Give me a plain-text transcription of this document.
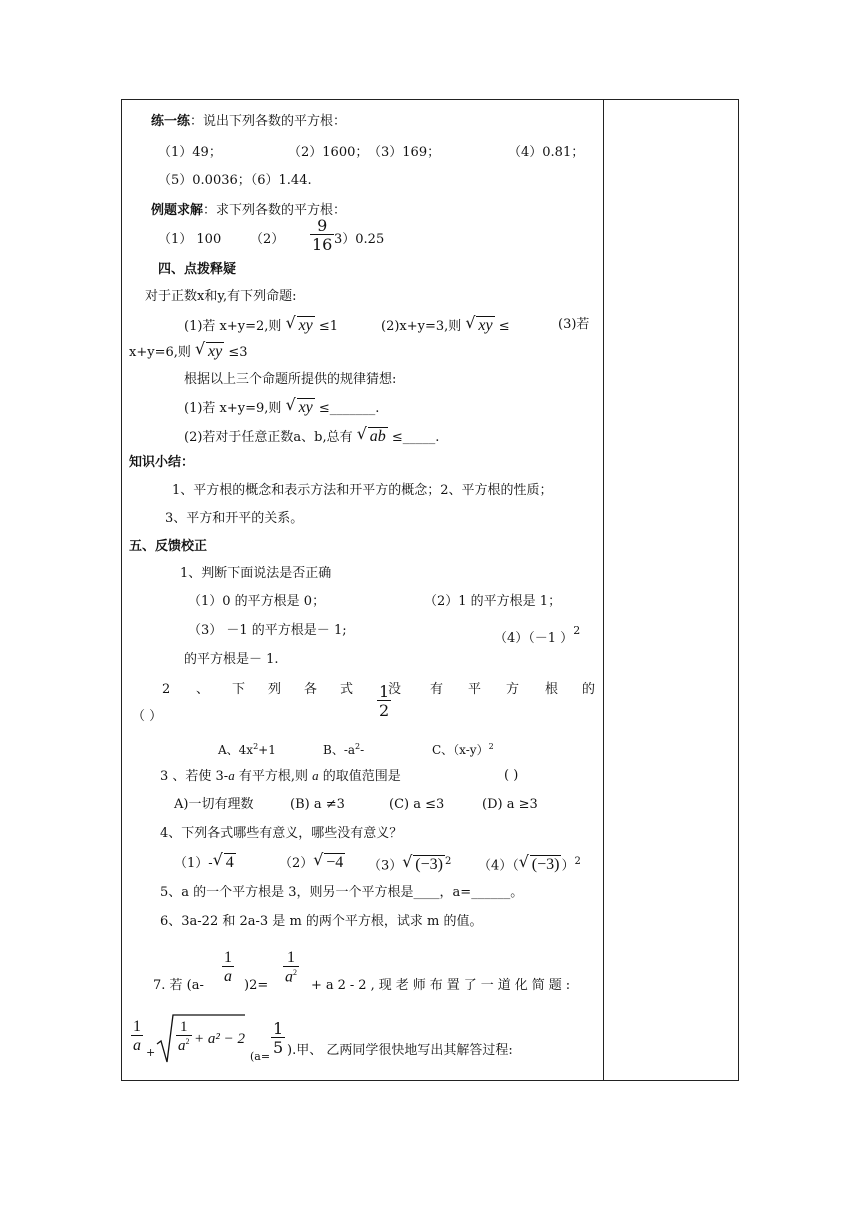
练一练：说出下列各数的平方根：
（1）49；	（2）1600； （3）169；	（4）0.81；
（5）0.0036；（6）1.44.
例题求解：求下列各数的平方根：
（1） 100 $(2) \frac{9}{16} 3)0.25$
四、点拨释疑
对于正数x和y,有下列命题:
(1)若 x+y=2,则 √ xy ≤1	(2)x+y=3,则 √ xy ≤	(3)若
x+y=6,则 √ xy ≤3
根据以上三个命题所提供的规律猜想:
(1)若 x+y=9,则 √ xy ≤_______.
(2)若对于任意正数a、b,总有 √ ab ≤_____.
知识小结：
1、平方根的概念和表示方法和开平方的概念；2、平方根的性质；
3、平方和开平的关系。
五、反馈校正
1、判断下面说法是否正确
（1）0 的平方根是 0；	（2）1 的平方根是 1；
（3） －1 的平方根是－ 1;
（4）（－1 ）$^2$
的平方根是－ 1.
2 、 下 列 各 式	没 有 平 方 根 的
$\frac{1}{2}$
（ ）
A、$4x^2+1$	B、$-a^2-$	C、$(x-y)^2$
3 、若使 3-a 有平方根,则 a 的取值范围是	( )
A)一切有理数	(B) a ≠3	(C) a ≤3	(D) a ≥3
4、下列各式哪些有意义，哪些没有意义？
（1）- √ 4	（2） √ −4 （3） √ (−3) $^2$ （4）（ √ (−3) ）$^2$
5、a 的一个平方根是 3，则另一个平方根是____，a=______。
6、3a-22 和 2a-3 是 m 的两个平方根，试求 m 的值。
7. 若 (a-
$\frac{1}{a}$
)2=
$\frac{1}{a^2}$
+a2-2,现老师布置了一道化简题:
$\frac{1}{a} + \frac{1}{a^2} + a^2 - 2$
(a=
$\frac{1}{5}$ ).甲、 乙两同学很快地写出其解答过程:
